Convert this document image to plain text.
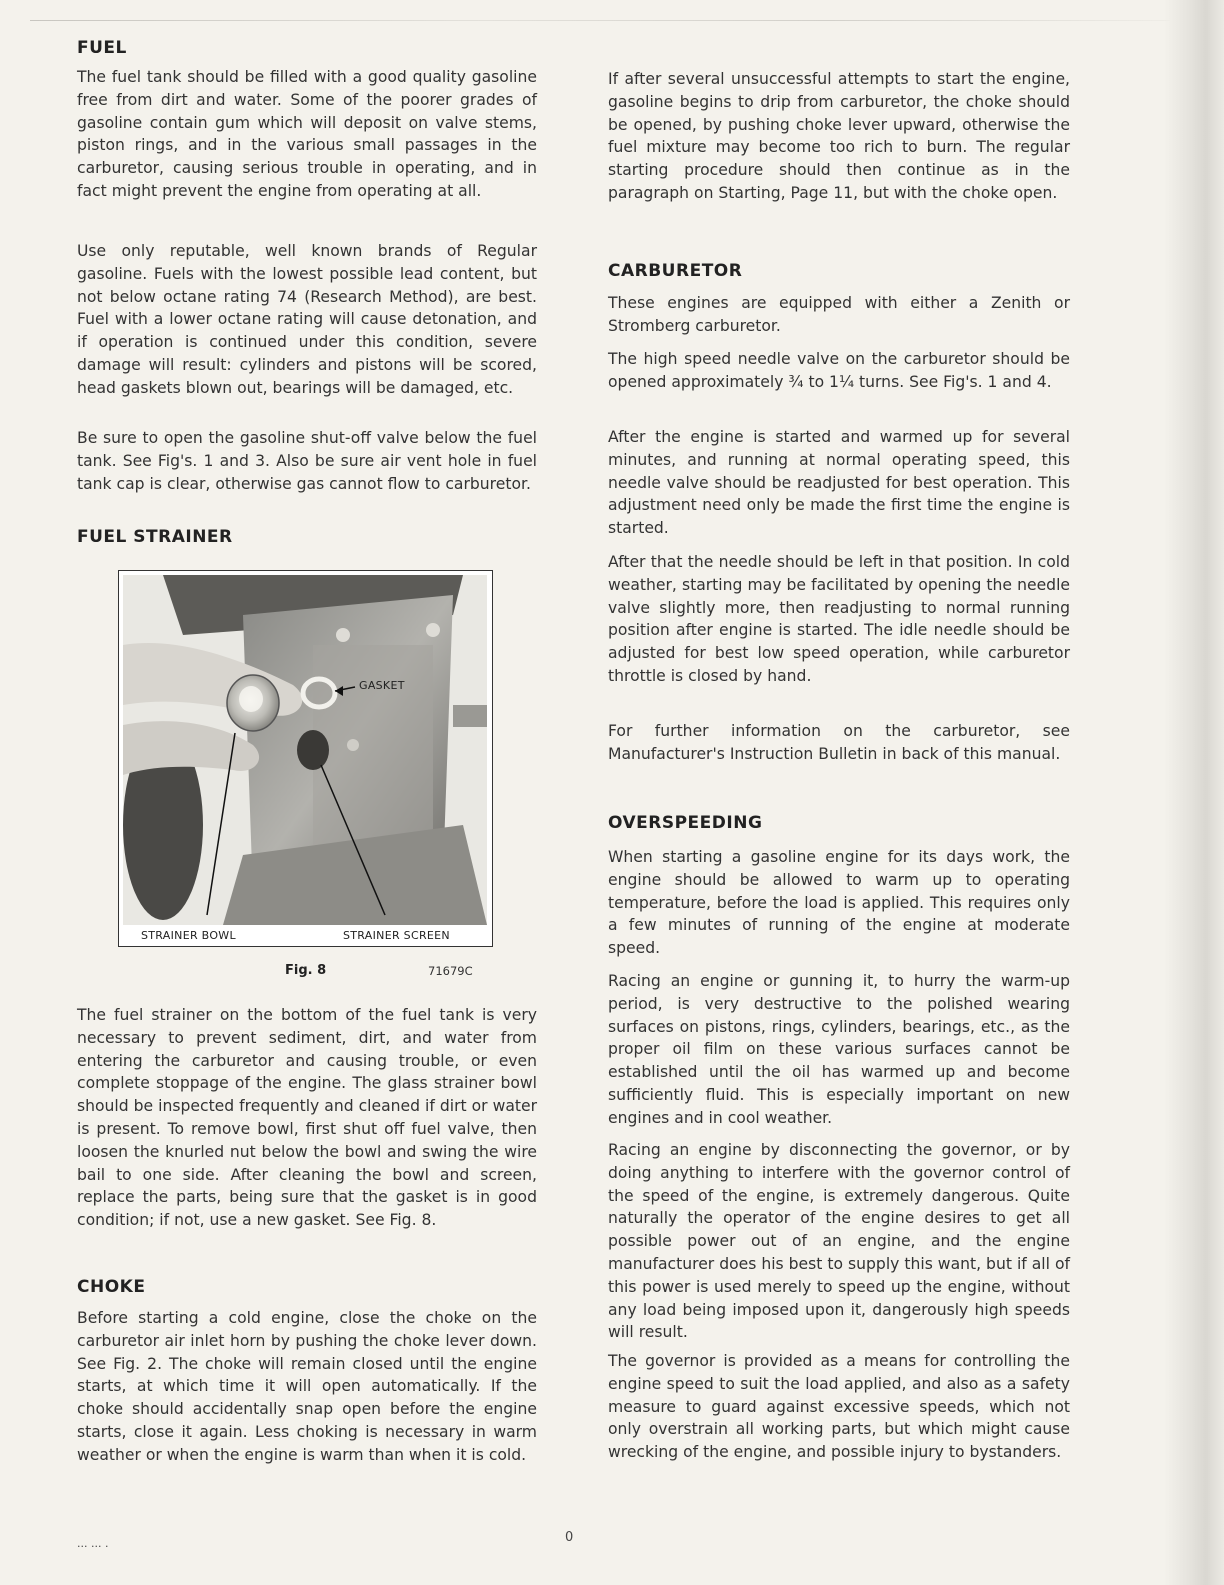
FUEL

The fuel tank should be filled with a good quality gasoline free from dirt and water. Some of the poorer grades of gasoline contain gum which will deposit on valve stems, piston rings, and in the various small passages in the carburetor, causing serious trouble in operating, and in fact might prevent the engine from operating at all.

Use only reputable, well known brands of Regular gasoline. Fuels with the lowest possible lead content, but not below octane rating 74 (Research Method), are best. Fuel with a lower octane rating will cause detonation, and if operation is continued under this condition, severe damage will result: cylinders and pistons will be scored, head gaskets blown out, bearings will be damaged, etc.

Be sure to open the gasoline shut-off valve below the fuel tank. See Fig's. 1 and 3. Also be sure air vent hole in fuel tank cap is clear, otherwise gas cannot flow to carburetor.

FUEL STRAINER
GASKET
STRAINER BOWL	STRAINER SCREEN
Fig. 8	71679C

The fuel strainer on the bottom of the fuel tank is very necessary to prevent sediment, dirt, and water from entering the carburetor and causing trouble, or even complete stoppage of the engine. The glass strainer bowl should be inspected frequently and cleaned if dirt or water is present. To remove bowl, first shut off fuel valve, then loosen the knurled nut below the bowl and swing the wire bail to one side. After cleaning the bowl and screen, replace the parts, being sure that the gasket is in good condition; if not, use a new gasket. See Fig. 8.

CHOKE

Before starting a cold engine, close the choke on the carburetor air inlet horn by pushing the choke lever down. See Fig. 2. The choke will remain closed until the engine starts, at which time it will open automatically. If the choke should accidentally snap open before the engine starts, close it again. Less choking is necessary in warm weather or when the engine is warm than when it is cold.

If after several unsuccessful attempts to start the engine, gasoline begins to drip from carburetor, the choke should be opened, by pushing choke lever upward, otherwise the fuel mixture may become too rich to burn. The regular starting procedure should then continue as in the paragraph on Starting, Page 11, but with the choke open.

CARBURETOR

These engines are equipped with either a Zenith or Stromberg carburetor.

The high speed needle valve on the carburetor should be opened approximately ¾ to 1¼ turns. See Fig's. 1 and 4.

After the engine is started and warmed up for several minutes, and running at normal operating speed, this needle valve should be readjusted for best operation. This adjustment need only be made the first time the engine is started.

After that the needle should be left in that position. In cold weather, starting may be facilitated by opening the needle valve slightly more, then readjusting to normal running position after engine is started. The idle needle should be adjusted for best low speed operation, while carburetor throttle is closed by hand.

For further information on the carburetor, see Manufacturer's Instruction Bulletin in back of this manual.

OVERSPEEDING

When starting a gasoline engine for its days work, the engine should be allowed to warm up to operating temperature, before the load is applied. This requires only a few minutes of running of the engine at moderate speed.

Racing an engine or gunning it, to hurry the warm-up period, is very destructive to the polished wearing surfaces on pistons, rings, cylinders, bearings, etc., as the proper oil film on these various surfaces cannot be established until the oil has warmed up and become sufficiently fluid. This is especially important on new engines and in cool weather.

Racing an engine by disconnecting the governor, or by doing anything to interfere with the governor control of the speed of the engine, is extremely dangerous. Quite naturally the operator of the engine desires to get all possible power out of an engine, and the engine manufacturer does his best to supply this want, but if all of this power is used merely to speed up the engine, without any load being imposed upon it, dangerously high speeds will result.

The governor is provided as a means for controlling the engine speed to suit the load applied, and also as a safety measure to guard against excessive speeds, which not only overstrain all working parts, but which might cause wrecking of the engine, and possible injury to bystanders.

... ... .	0
